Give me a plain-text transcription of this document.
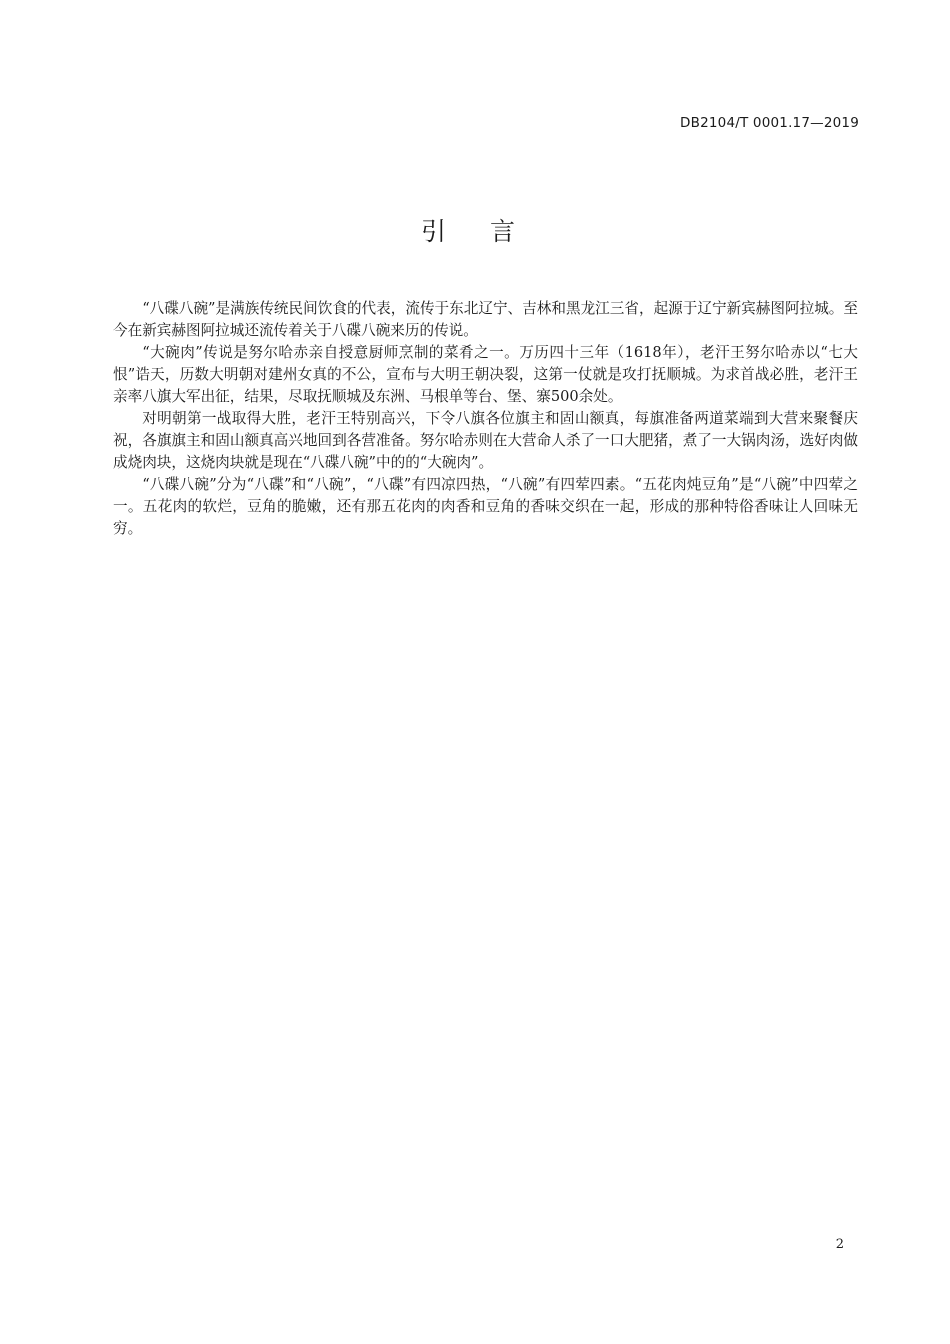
DB2104/T 0001.17—2019
引言

“八碟八碗”是满族传统民间饮食的代表，流传于东北辽宁、吉林和黑龙江三省，起源于辽宁新宾赫图阿拉城。至今在新宾赫图阿拉城还流传着关于八碟八碗来历的传说。

“大碗肉”传说是努尔哈赤亲自授意厨师烹制的菜肴之一。万历四十三年（1618年），老汗王努尔哈赤以“七大恨”诰天，历数大明朝对建州女真的不公，宣布与大明王朝决裂，这第一仗就是攻打抚顺城。为求首战必胜，老汗王亲率八旗大军出征，结果，尽取抚顺城及东洲、马根单等台、堡、寨500余处。

对明朝第一战取得大胜，老汗王特别高兴，下令八旗各位旗主和固山额真，每旗准备两道菜端到大营来聚餐庆祝，各旗旗主和固山额真高兴地回到各营准备。努尔哈赤则在大营命人杀了一口大肥猪，煮了一大锅肉汤，选好肉做成烧肉块，这烧肉块就是现在“八碟八碗”中的的“大碗肉”。

“八碟八碗”分为“八碟”和“八碗”，“八碟”有四凉四热，“八碗”有四荤四素。“五花肉炖豆角”是“八碗”中四荤之一。五花肉的软烂，豆角的脆嫩，还有那五花肉的肉香和豆角的香味交织在一起，形成的那种特俗香味让人回味无穷。

2
